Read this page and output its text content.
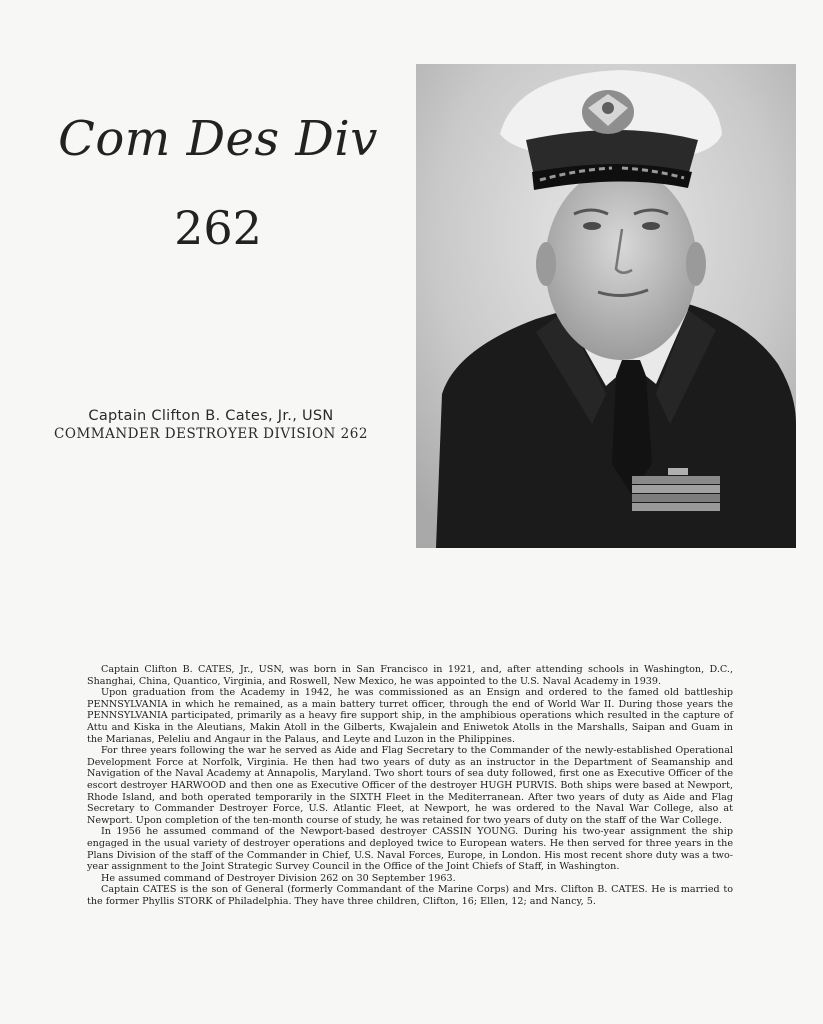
Com Des Div
262
Captain Clifton B. Cates, Jr., USN
COMMANDER DESTROYER DIVISION 262

Captain Clifton B. CATES, Jr., USN, was born in San Francisco in 1921, and, after attending schools in Washington, D.C., Shanghai, China, Quantico, Virginia, and Roswell, New Mexico, he was appointed to the U.S. Naval Academy in 1939.

Upon graduation from the Academy in 1942, he was commissioned as an Ensign and ordered to the famed old battleship PENNSYLVANIA in which he remained, as a main battery turret officer, through the end of World War II. During those years the PENNSYLVANIA participated, primarily as a heavy fire support ship, in the amphibious operations which resulted in the capture of Attu and Kiska in the Aleutians, Makin Atoll in the Gilberts, Kwajalein and Eniwetok Atolls in the Marshalls, Saipan and Guam in the Marianas, Peleliu and Angaur in the Palaus, and Leyte and Luzon in the Philippines.

For three years following the war he served as Aide and Flag Secretary to the Commander of the newly-established Operational Development Force at Norfolk, Virginia. He then had two years of duty as an instructor in the Department of Seamanship and Navigation of the Naval Academy at Annapolis, Maryland. Two short tours of sea duty followed, first one as Executive Officer of the escort destroyer HARWOOD and then one as Executive Officer of the destroyer HUGH PURVIS. Both ships were based at Newport, Rhode Island, and both operated temporarily in the SIXTH Fleet in the Mediterranean. After two years of duty as Aide and Flag Secretary to Commander Destroyer Force, U.S. Atlantic Fleet, at Newport, he was ordered to the Naval War College, also at Newport. Upon completion of the ten-month course of study, he was retained for two years of duty on the staff of the War College.

In 1956 he assumed command of the Newport-based destroyer CASSIN YOUNG. During his two-year assignment the ship engaged in the usual variety of destroyer operations and deployed twice to European waters. He then served for three years in the Plans Division of the staff of the Commander in Chief, U.S. Naval Forces, Europe, in London. His most recent shore duty was a two-year assignment to the Joint Strategic Survey Council in the Office of the Joint Chiefs of Staff, in Washington.

He assumed command of Destroyer Division 262 on 30 September 1963.

Captain CATES is the son of General (formerly Commandant of the Marine Corps) and Mrs. Clifton B. CATES. He is married to the former Phyllis STORK of Philadelphia. They have three children, Clifton, 16; Ellen, 12; and Nancy, 5.
